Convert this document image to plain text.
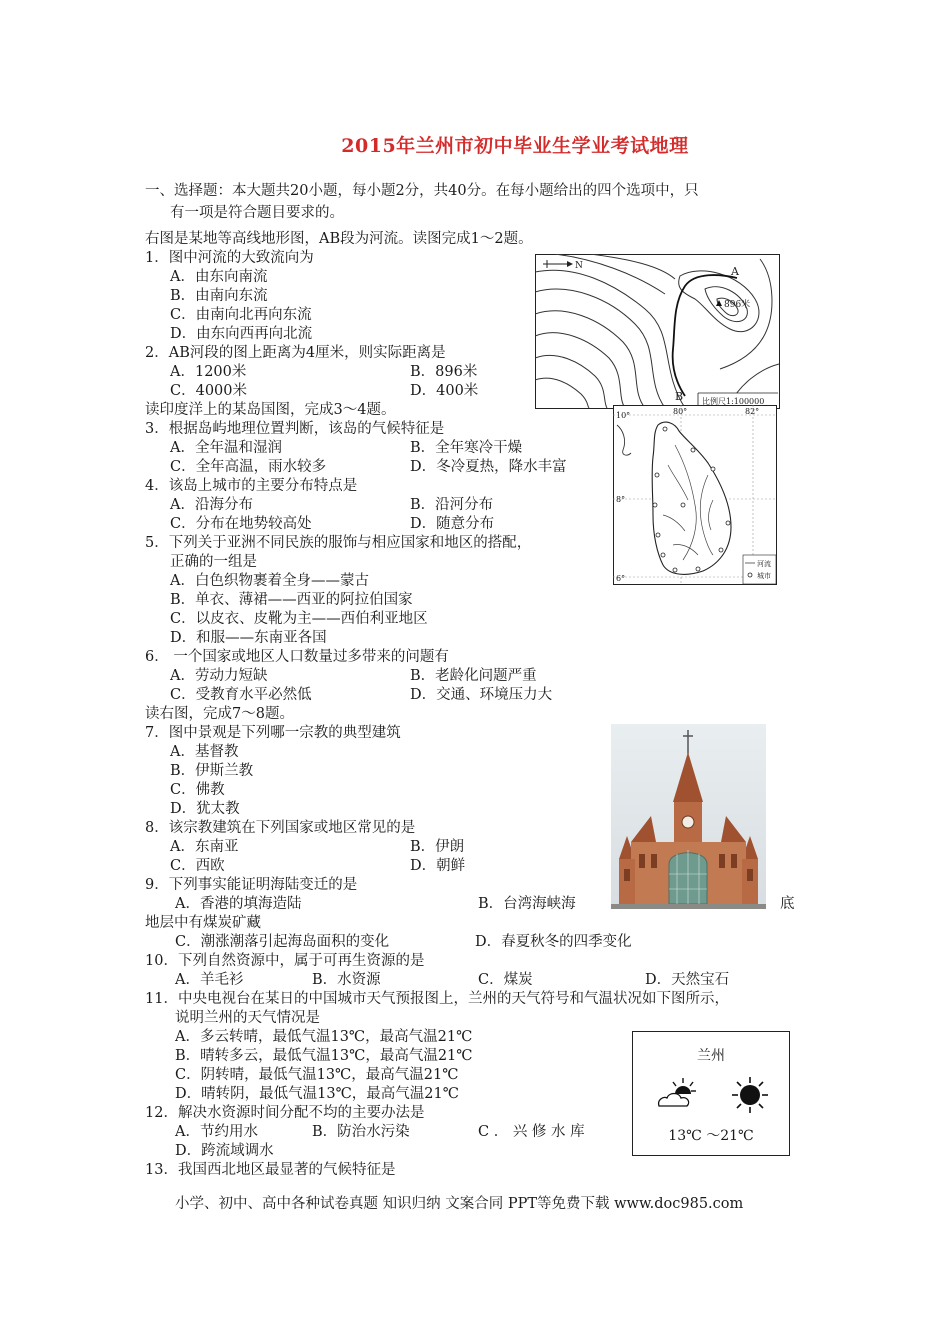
2015年兰州市初中毕业生学业考试地理
一、选择题：本大题共20小题，每小题2分，共40分。在每小题给出的四个选项中，只
有一项是符合题目要求的。
右图是某地等高线地形图，AB段为河流。读图完成1～2题。
1．图中河流的大致流向为
A．由东向南流
B．由南向东流
C．由南向北再向东流
D．由东向西再向北流
2．AB河段的图上距离为4厘米，则实际距离是
A．1200米	B．896米
C．4000米	D．400米
读印度洋上的某岛国图，完成3～4题。
3．根据岛屿地理位置判断，该岛的气候特征是
A．全年温和湿润	B．全年寒冷干燥
C．全年高温，雨水较多	D．冬冷夏热，降水丰富
4．该岛上城市的主要分布特点是
A．沿海分布	B．沿河分布
C．分布在地势较高处	D．随意分布
5．下列关于亚洲不同民族的服饰与相应国家和地区的搭配，
正确的一组是
A．白色织物裹着全身——蒙古
B．单衣、薄裙——西亚的阿拉伯国家
C．以皮衣、皮靴为主——西伯利亚地区
D．和服——东南亚各国
6． 一个国家或地区人口数量过多带来的问题有
A．劳动力短缺	B．老龄化问题严重
C．受教育水平必然低	D．交通、环境压力大
读右图，完成7～8题。
7．图中景观是下列哪一宗教的典型建筑
A．基督教
B．伊斯兰教
C．佛教
D．犹太教
8．该宗教建筑在下列国家或地区常见的是
A．东南亚	B．伊朗
C．西欧	D．朝鲜
9．下列事实能证明海陆变迁的是
A．香港的填海造陆	B．台湾海峡海	底
地层中有煤炭矿藏
C．潮涨潮落引起海岛面积的变化	D．春夏秋冬的四季变化
10．下列自然资源中，属于可再生资源的是
A．羊毛衫	B．水资源	C．煤炭	D．天然宝石
11．中央电视台在某日的中国城市天气预报图上，兰州的天气符号和气温状况如下图所示，
说明兰州的天气情况是
A．多云转晴，最低气温13℃，最高气温21℃
B．晴转多云，最低气温13℃，最高气温21℃
C．阴转晴，最低气温13℃，最高气温21℃
D．晴转阴，最低气温13℃，最高气温21℃
12．解决水资源时间分配不均的主要办法是
A．节约用水	B．防治水污染	C ． 兴 修 水 库
D．跨流域调水
13．我国西北地区最显著的气候特征是
N	A
B
896米
比例尺1:100000
10°
8°
6°
80°	82°
河流
城市
兰州
13℃ ～21℃
小学、初中、高中各种试卷真题 知识归纳 文案合同 PPT等免费下载 www.doc985.com
